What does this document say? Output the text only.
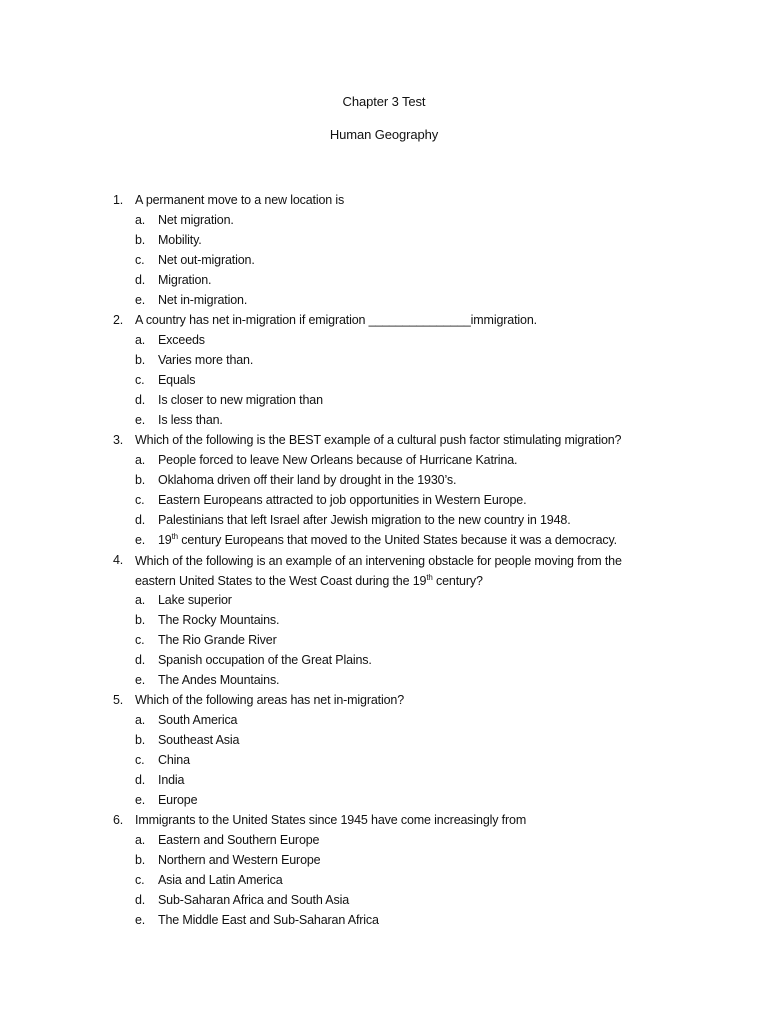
Chapter 3 Test
Human Geography
1. A permanent move to a new location is
a.	Net migration.
b.	Mobility.
c.	Net out-migration.
d.	Migration.
e.	Net in-migration.
2. A country has net in-migration if emigration _______________immigration.
a.	Exceeds
b.	Varies more than.
c.	Equals
d.	Is closer to new migration than
e.	Is less than.
3. Which of the following is the BEST example of a cultural push factor stimulating migration?
a.	People forced to leave New Orleans because of Hurricane Katrina.
b.	Oklahoma driven off their land by drought in the 1930’s.
c.	Eastern Europeans attracted to job opportunities in Western Europe.
d.	Palestinians that left Israel after Jewish migration to the new country in 1948.
e.	19th century Europeans that moved to the United States because it was a democracy.
4. Which of the following is an example of an intervening obstacle for people moving from the
eastern United States to the West Coast during the 19th century?
a.	Lake superior
b.	The Rocky Mountains.
c.	The Rio Grande River
d.	Spanish occupation of the Great Plains.
e.	The Andes Mountains.
5. Which of the following areas has net in-migration?
a.	South America
b.	Southeast Asia
c.	China
d.	India
e.	Europe
6. Immigrants to the United States since 1945 have come increasingly from
a.	Eastern and Southern Europe
b.	Northern and Western Europe
c.	Asia and Latin America
d.	Sub-Saharan Africa and South Asia
e.	The Middle East and Sub-Saharan Africa
